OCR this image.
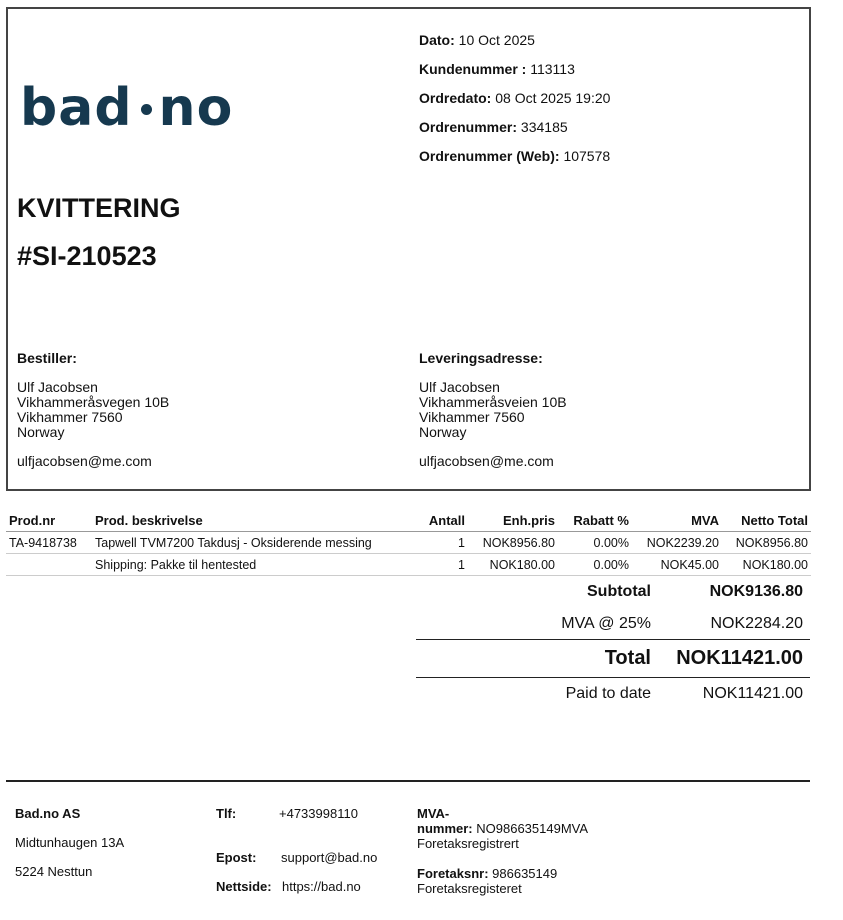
bad no
Dato: 10 Oct 2025
Kundenummer : 113113
Ordredato: 08 Oct 2025 19:20
Ordrenummer: 334185
Ordrenummer (Web): 107578
KVITTERING
#SI-210523
Bestiller:
Ulf Jacobsen
Vikhammeråsvegen 10B
Vikhammer 7560
Norway
ulfjacobsen@me.com
Leveringsadresse:
Ulf Jacobsen
Vikhammeråsveien 10B
Vikhammer 7560
Norway
ulfjacobsen@me.com
Prod.nr	Prod. beskrivelse	Antall	Enh.pris	Rabatt %	MVA	Netto Total
TA-9418738	Tapwell TVM7200 Takdusj - Oksiderende messing	1	NOK8956.80	0.00%	NOK2239.20	NOK8956.80
	Shipping: Pakke til hentested	1	NOK180.00	0.00%	NOK45.00	NOK180.00
Subtotal	NOK9136.80
MVA @ 25%	NOK2284.20
Total NOK11421.00
Paid to date	NOK11421.00
Bad.no AS
Midtunhaugen 13A
5224 Nesttun
Tlf:	+4733998110
Epost: support@bad.no
Nettside: https://bad.no
MVA-
nummer: NO986635149MVA
Foretaksregistrert
Foretaksnr: 986635149
Foretaksregisteret
